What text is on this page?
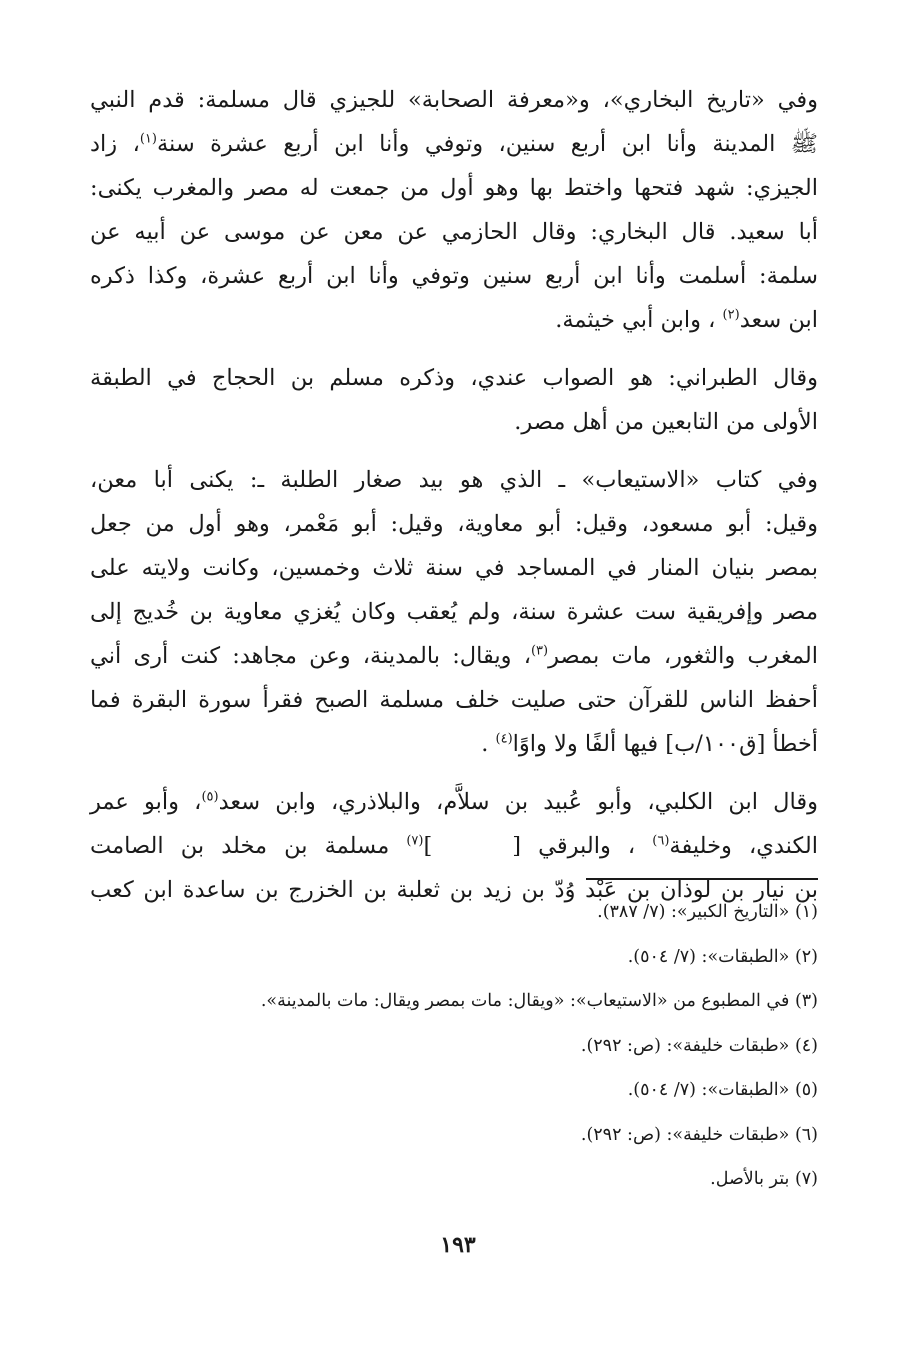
وفي «تاريخ البخاري»، و«معرفة الصحابة» للجيزي قال مسلمة: قدم النبي
ﷺ المدينة وأنا ابن أربع سنين، وتوفي وأنا ابن أربع عشرة سنة$^{(١)}$، زاد
الجيزي: شهد فتحها واختط بها وهو أول من جمعت له مصر والمغرب يكنى:
أبا سعيد. قال البخاري: وقال الحازمي عن معن عن موسى عن أبيه عن
سلمة: أسلمت وأنا ابن أربع سنين وتوفي وأنا ابن أربع عشرة، وكذا ذكره
ابن سعد$^{(٢)}$ ، وابن أبي خيثمة.
وقال الطبراني: هو الصواب عندي، وذكره مسلم بن الحجاج في الطبقة
الأولى من التابعين من أهل مصر.
وفي كتاب «الاستيعاب» ـ الذي هو بيد صغار الطلبة ـ: يكنى أبا معن،
وقيل: أبو مسعود، وقيل: أبو معاوية، وقيل: أبو مَعْمر، وهو أول من جعل
بمصر بنيان المنار في المساجد في سنة ثلاث وخمسين، وكانت ولايته على
مصر وإفريقية ست عشرة سنة، ولم يُعقب وكان يُغزي معاوية بن خُديج إلى
المغرب والثغور، مات بمصر$^{(٣)}$، ويقال: بالمدينة، وعن مجاهد: كنت أرى أني
أحفظ الناس للقرآن حتى صليت خلف مسلمة الصبح فقرأ سورة البقرة فما
أخطأ [ق١٠٠/ب] فيها ألفًا ولا واوًا$^{(٤)}$ .
وقال ابن الكلبي، وأبو عُبيد بن سلاَّم، والبلاذري، وابن سعد$^{(٥)}$، وأبو عمر
الكندي، وخليفة$^{(٦)}$ ، والبرقي []$^{(٧)}$ مسلمة بن مخلد بن الصامت
بن نيار بن لوذان بن عَبْد وُدّ بن زيد بن ثعلبة بن الخزرج بن ساعدة ابن كعب
(١) «التاريخ الكبير»: (٧/ ٣٨٧).
(٢) «الطبقات»: (٧/ ٥٠٤).
(٣) في المطبوع من «الاستيعاب»: «ويقال: مات بمصر ويقال: مات بالمدينة».
(٤) «طبقات خليفة»: (ص: ٢٩٢).
(٥) «الطبقات»: (٧/ ٥٠٤).
(٦) «طبقات خليفة»: (ص: ٢٩٢).
(٧) بتر بالأصل.
١٩٣
